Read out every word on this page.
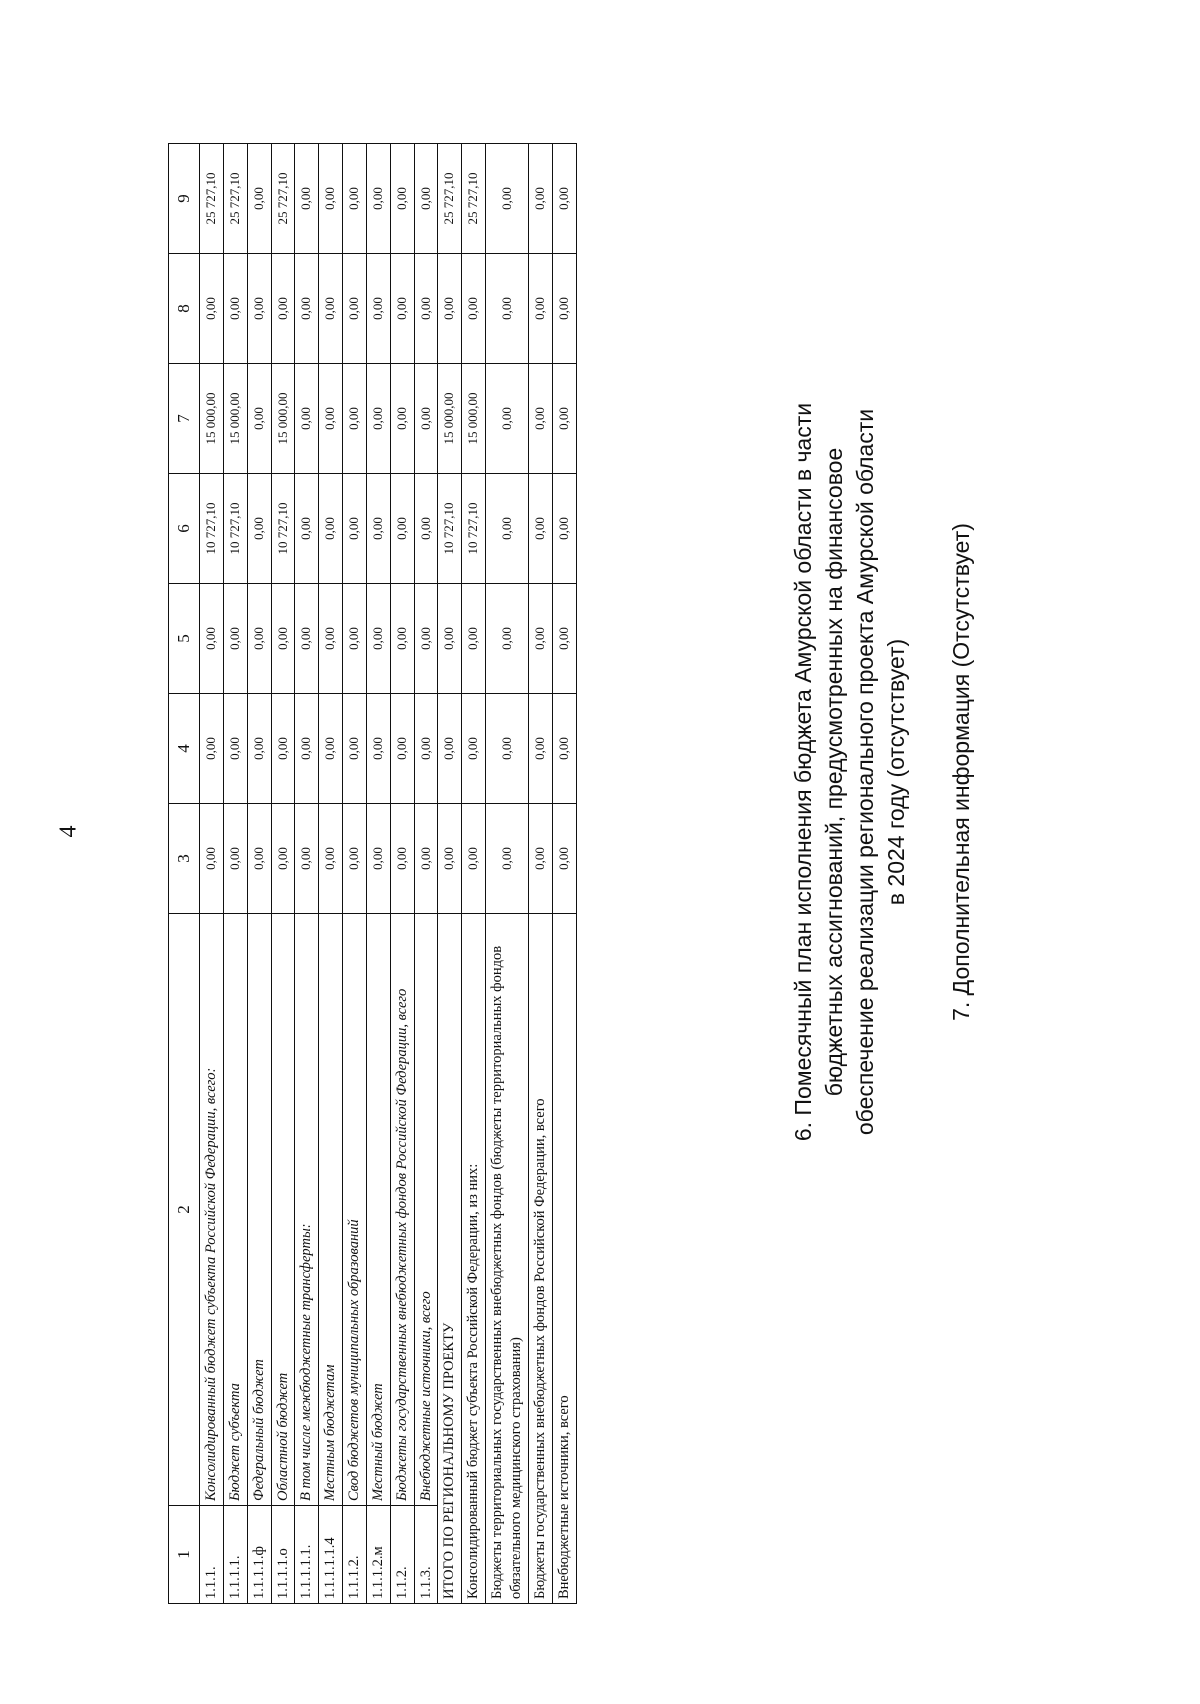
4
1	2	3	4	5	6	7	8	9
1.1.1.	Консолидированный бюджет субъекта Российской Федерации, всего:	0,00	0,00	0,00	10 727,10	15 000,00	0,00	25 727,10
1.1.1.1.	Бюджет субъекта	0,00	0,00	0,00	10 727,10	15 000,00	0,00	25 727,10
1.1.1.1.ф	Федеральный бюджет	0,00	0,00	0,00	0,00	0,00	0,00	0,00
1.1.1.1.о	Областной бюджет	0,00	0,00	0,00	10 727,10	15 000,00	0,00	25 727,10
1.1.1.1.1.	В том числе межбюджетные трансферты:	0,00	0,00	0,00	0,00	0,00	0,00	0,00
1.1.1.1.1.4	Местным бюджетам	0,00	0,00	0,00	0,00	0,00	0,00	0,00
1.1.1.2.	Свод бюджетов муниципальных образований	0,00	0,00	0,00	0,00	0,00	0,00	0,00
1.1.1.2.м	Местный бюджет	0,00	0,00	0,00	0,00	0,00	0,00	0,00
1.1.2.	Бюджеты государственных внебюджетных фондов Российской Федерации, всего	0,00	0,00	0,00	0,00	0,00	0,00	0,00
1.1.3.	Внебюджетные источники, всего	0,00	0,00	0,00	0,00	0,00	0,00	0,00
ИТОГО ПО РЕГИОНАЛЬНОМУ ПРОЕКТУ		0,00	0,00	0,00	10 727,10	15 000,00	0,00	25 727,10
Консолидированный бюджет субъекта Российской Федерации, из них:		0,00	0,00	0,00	10 727,10	15 000,00	0,00	25 727,10
Бюджеты территориальных государственных внебюджетных фондов (бюджеты территориальных фондов обязательного медицинского страхования)		0,00	0,00	0,00	0,00	0,00	0,00	0,00
Бюджеты государственных внебюджетных фондов Российской Федерации, всего		0,00	0,00	0,00	0,00	0,00	0,00	0,00
Внебюджетные источники, всего		0,00	0,00	0,00	0,00	0,00	0,00	0,00
6. Помесячный план исполнения бюджета Амурской области в части бюджетных ассигнований, предусмотренных на финансовое обеспечение реализации регионального проекта Амурской области в 2024 году (отсутствует) 7. Дополнительная информация (Отсутствует)
